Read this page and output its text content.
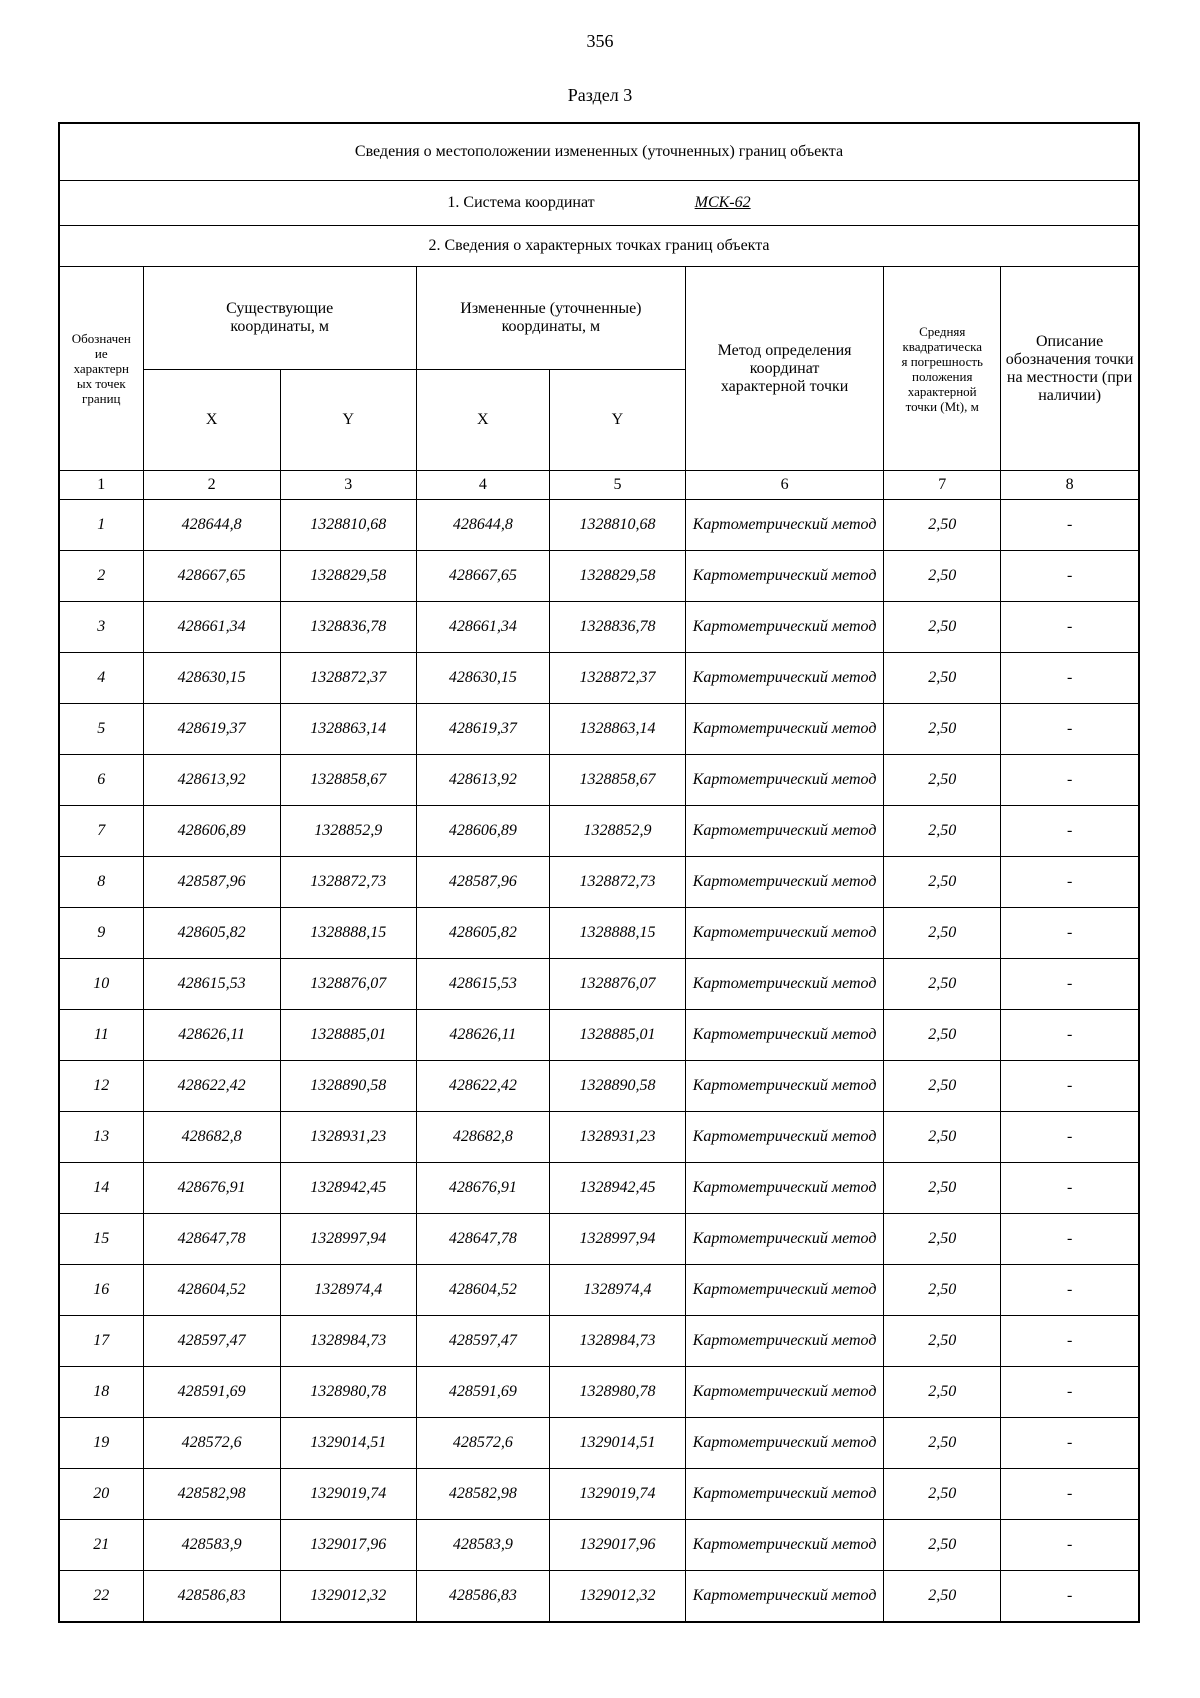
356
Раздел 3
Сведения о местоположении измененных (уточненных) границ объекта							
1. Система координат МСК-62							
2. Сведения о характерных точках границ объекта							

Обозначение характерных точек границ	Существующие координаты, м		Измененные (уточненные) координаты, м		Метод определения координат характерной точки	Средняя квадратическая погрешность положения характерной точки (Mt), м	Описание обозначения точки на местности (при наличии)

	X	Y	X	Y			
1	2	3	4	5	6	7	8
1	428644,8	1328810,68	428644,8	1328810,68	Картометрический метод	2,50	-
2	428667,65	1328829,58	428667,65	1328829,58	Картометрический метод	2,50	-
3	428661,34	1328836,78	428661,34	1328836,78	Картометрический метод	2,50	-
4	428630,15	1328872,37	428630,15	1328872,37	Картометрический метод	2,50	-
5	428619,37	1328863,14	428619,37	1328863,14	Картометрический метод	2,50	-
6	428613,92	1328858,67	428613,92	1328858,67	Картометрический метод	2,50	-
7	428606,89	1328852,9	428606,89	1328852,9	Картометрический метод	2,50	-
8	428587,96	1328872,73	428587,96	1328872,73	Картометрический метод	2,50	-
9	428605,82	1328888,15	428605,82	1328888,15	Картометрический метод	2,50	-
10	428615,53	1328876,07	428615,53	1328876,07	Картометрический метод	2,50	-
11	428626,11	1328885,01	428626,11	1328885,01	Картометрический метод	2,50	-
12	428622,42	1328890,58	428622,42	1328890,58	Картометрический метод	2,50	-
13	428682,8	1328931,23	428682,8	1328931,23	Картометрический метод	2,50	-
14	428676,91	1328942,45	428676,91	1328942,45	Картометрический метод	2,50	-
15	428647,78	1328997,94	428647,78	1328997,94	Картометрический метод	2,50	-
16	428604,52	1328974,4	428604,52	1328974,4	Картометрический метод	2,50	-
17	428597,47	1328984,73	428597,47	1328984,73	Картометрический метод	2,50	-
18	428591,69	1328980,78	428591,69	1328980,78	Картометрический метод	2,50	-
19	428572,6	1329014,51	428572,6	1329014,51	Картометрический метод	2,50	-
20	428582,98	1329019,74	428582,98	1329019,74	Картометрический метод	2,50	-
21	428583,9	1329017,96	428583,9	1329017,96	Картометрический метод	2,50	-
22	428586,83	1329012,32	428586,83	1329012,32	Картометрический метод	2,50	-
